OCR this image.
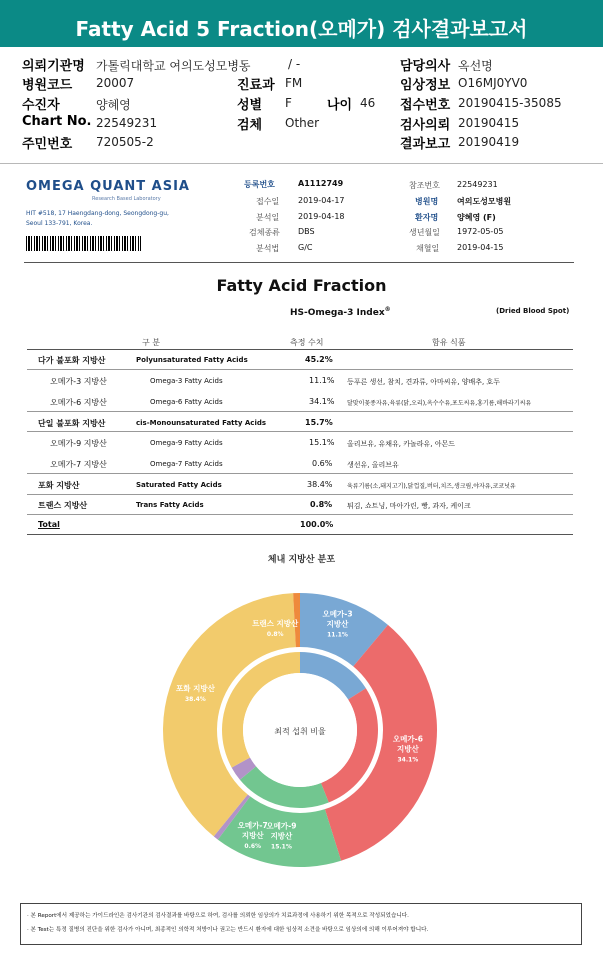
Fatty Acid 5 Fraction(오메가) 검사결과보고서
의뢰기관명 가톨릭대학교 여의도성모병동	/ -	담당의사 옥선명
병원코드 20007	진료과 FM	임상정보 O16MJ0YV0
수진자	양혜영	성별 F	나이 46 접수번호 20190415-35085
Chart No. 22549231	검체 Other	검사의뢰 20190415
주민번호 720505-2	결과보고 20190419
OMEGA QUANT ASIA
Research Based Laboratory
HIT #518, 17 Haengdang-dong, Seongdong-gu,
Seoul 133-791, Korea.
등록번호	A1112749	참조번호 22549231
접수일 2019-04-17	병원명 여의도성모병원
분석일 2019-04-18	환자명 양혜영 (F)
검체종류 DBS	생년월일 1972-05-05
분석법 G/C	채혈일 2019-04-15
Fatty Acid Fraction
HS-Omega-3 Index®	(Dried Blood Spot)
구 분	측정 수치	함유 식품
다가 불포화 지방산	Polyunsaturated Fatty Acids	45.2%
오메가-3 지방산	Omega-3 Fatty Acids	11.1% 등푸른 생선, 참치, 견과류, 아마씨유, 양배추, 호두
오메가-6 지방산	Omega-6 Fatty Acids	34.1% 달맞이꽃종자유,육류(닭,오리),옥수수유,포도씨유,홍기름,해바라기씨유
단일 불포화 지방산	cis-Monounsaturated Fatty Acids	15.7%
오메가-9 지방산	Omega-9 Fatty Acids	15.1% 올리브유, 유채유, 카놀라유, 아몬드
오메가-7 지방산	Omega-7 Fatty Acids	0.6% 생선유, 올리브유
포화 지방산	Saturated Fatty Acids	38.4% 육류기름(소,돼지고기),닭껍질,버터,치즈,생크림,야자유,코코넛유
트랜스 지방산	Trans Fatty Acids	0.8% 튀김, 쇼트닝, 마아가린, 빵, 과자, 케이크
Total	100.0%
체내 지방산 분포
최적 섭취 비율
오메가-3
지방산
11.1%
오메가-6
지방산
34.1%
오메가-9
지방산
15.1%
오메가-7
지방산
0.6%
포화 지방산
38.4%
트랜스 지방산
0.8%
· 본 Report에서 제공하는 가이드라인은 검사기관의 검사결과를 바탕으로 하여, 검사를 의뢰한 임상의가 치료과정에 사용하기 위한 목적으로 작성되었습니다.
· 본 Test는 특정 질병의 진단을 위한 검사가 아니며, 최종적인 의학적 처방이나 권고는 반드시 환자에 대한 임상적 소견을 바탕으로 임상의에 의해 이루어져야 합니다.
